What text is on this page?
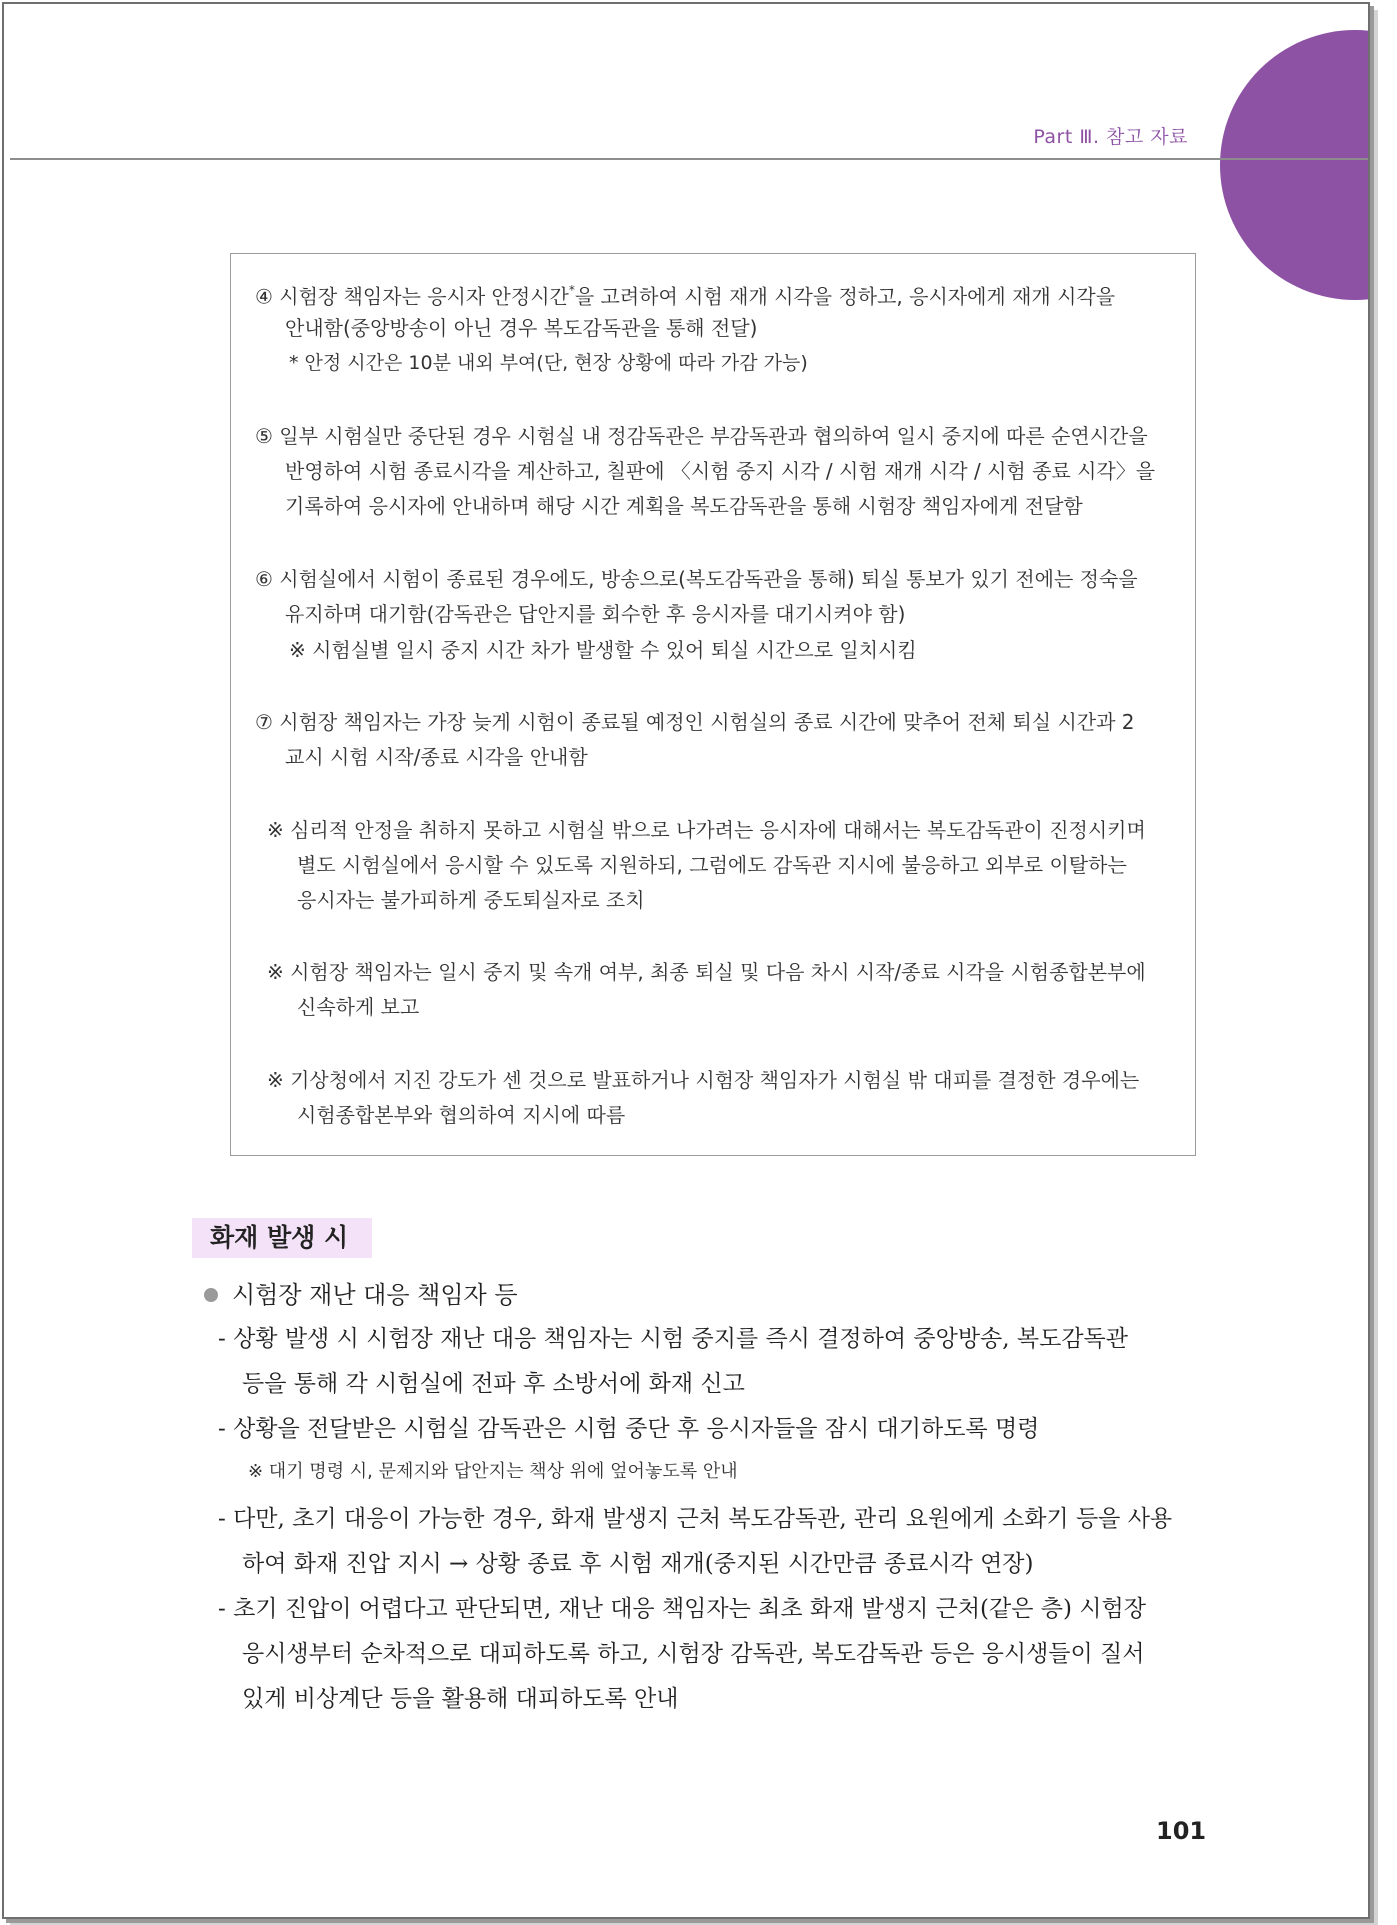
Part Ⅲ. 참고 자료
④ 시험장 책임자는 응시자 안정시간*을 고려하여 시험 재개 시각을 정하고, 응시자에게 재개 시각을
안내함(중앙방송이 아닌 경우 복도감독관을 통해 전달)
* 안정 시간은 10분 내외 부여(단, 현장 상황에 따라 가감 가능)
⑤ 일부 시험실만 중단된 경우 시험실 내 정감독관은 부감독관과 협의하여 일시 중지에 따른 순연시간을
반영하여 시험 종료시각을 계산하고, 칠판에 〈시험 중지 시각 / 시험 재개 시각 / 시험 종료 시각〉을
기록하여 응시자에 안내하며 해당 시간 계획을 복도감독관을 통해 시험장 책임자에게 전달함
⑥ 시험실에서 시험이 종료된 경우에도, 방송으로(복도감독관을 통해) 퇴실 통보가 있기 전에는 정숙을
유지하며 대기함(감독관은 답안지를 회수한 후 응시자를 대기시켜야 함)
※ 시험실별 일시 중지 시간 차가 발생할 수 있어 퇴실 시간으로 일치시킴
⑦ 시험장 책임자는 가장 늦게 시험이 종료될 예정인 시험실의 종료 시간에 맞추어 전체 퇴실 시간과 2
교시 시험 시작/종료 시각을 안내함
※ 심리적 안정을 취하지 못하고 시험실 밖으로 나가려는 응시자에 대해서는 복도감독관이 진정시키며
별도 시험실에서 응시할 수 있도록 지원하되, 그럼에도 감독관 지시에 불응하고 외부로 이탈하는
응시자는 불가피하게 중도퇴실자로 조치
※ 시험장 책임자는 일시 중지 및 속개 여부, 최종 퇴실 및 다음 차시 시작/종료 시각을 시험종합본부에
신속하게 보고
※ 기상청에서 지진 강도가 센 것으로 발표하거나 시험장 책임자가 시험실 밖 대피를 결정한 경우에는
시험종합본부와 협의하여 지시에 따름
화재 발생 시
시험장 재난 대응 책임자 등
- 상황 발생 시 시험장 재난 대응 책임자는 시험 중지를 즉시 결정하여 중앙방송, 복도감독관
등을 통해 각 시험실에 전파 후 소방서에 화재 신고
- 상황을 전달받은 시험실 감독관은 시험 중단 후 응시자들을 잠시 대기하도록 명령
※ 대기 명령 시, 문제지와 답안지는 책상 위에 엎어놓도록 안내
- 다만, 초기 대응이 가능한 경우, 화재 발생지 근처 복도감독관, 관리 요원에게 소화기 등을 사용
하여 화재 진압 지시 → 상황 종료 후 시험 재개(중지된 시간만큼 종료시각 연장)
- 초기 진압이 어렵다고 판단되면, 재난 대응 책임자는 최초 화재 발생지 근처(같은 층) 시험장
응시생부터 순차적으로 대피하도록 하고, 시험장 감독관, 복도감독관 등은 응시생들이 질서
있게 비상계단 등을 활용해 대피하도록 안내
101
